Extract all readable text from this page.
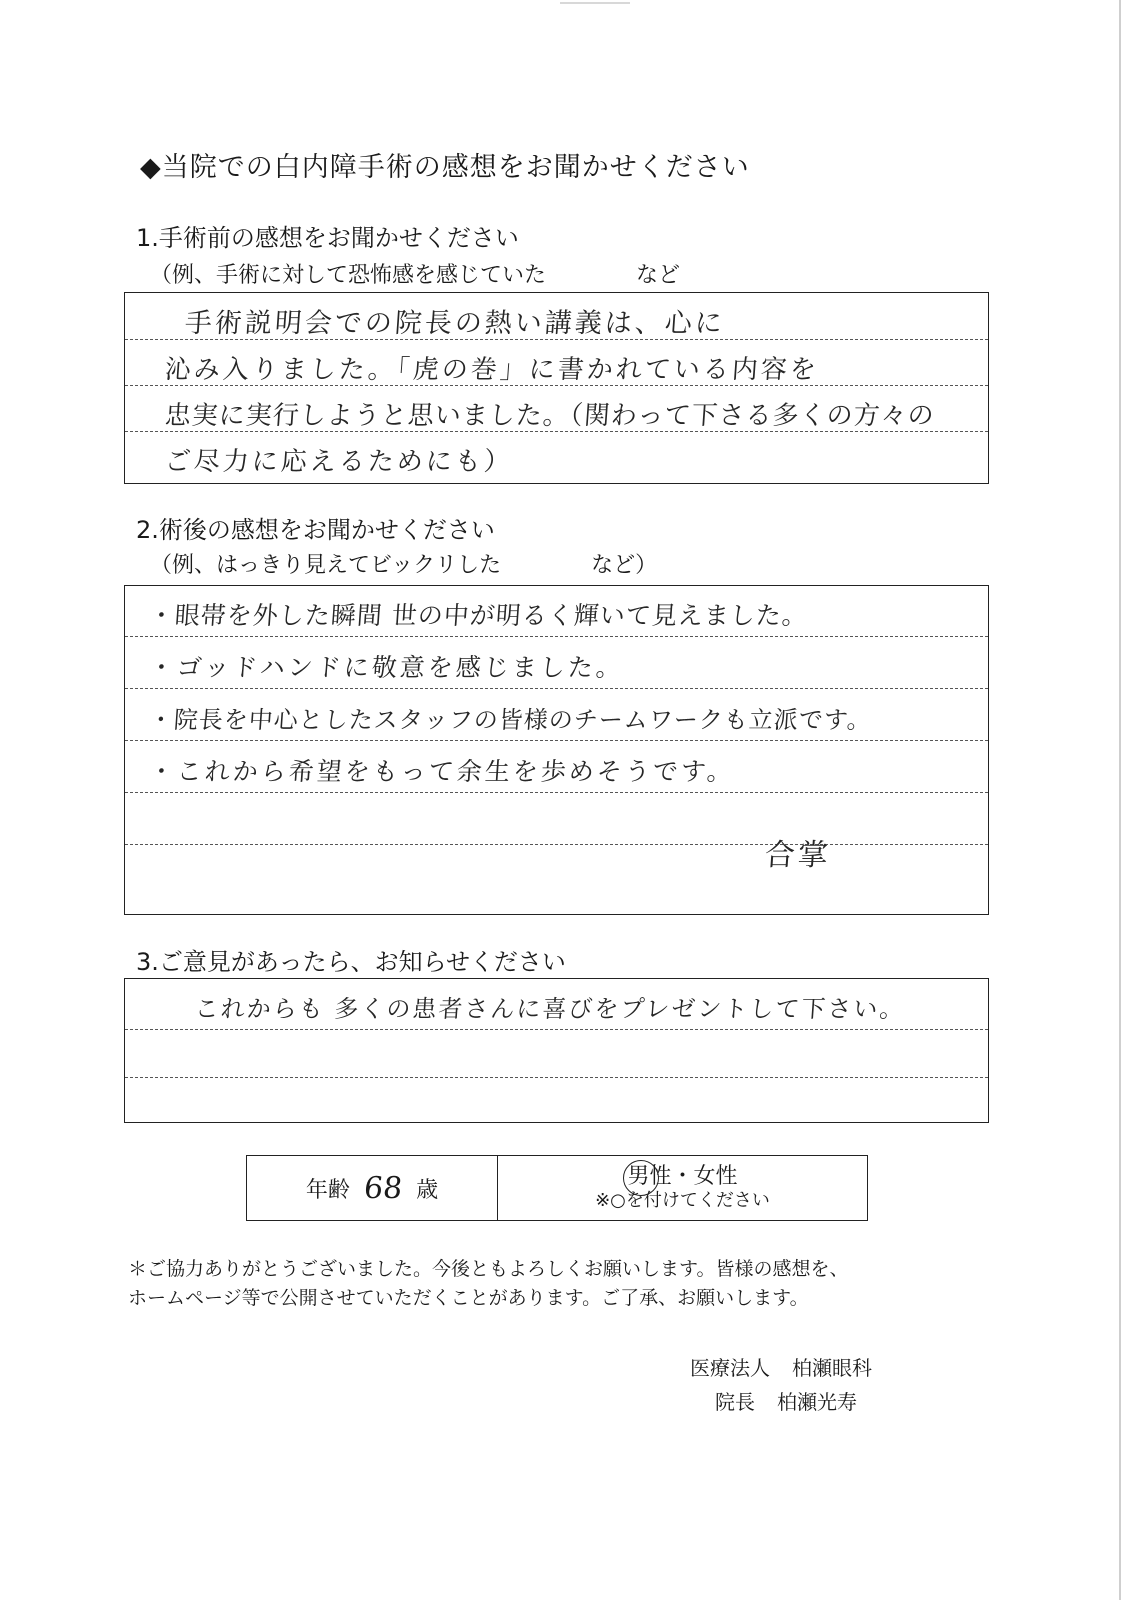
◆当院での白内障手術の感想をお聞かせください
1.手術前の感想をお聞かせください
（例、手術に対して恐怖感を感じていた	など
手術説明会での院長の熱い講義は、心に
沁み入りました。「虎の巻」に書かれている内容を
忠実に実行しようと思いました。（関わって下さる多くの方々の
ご尽力に応えるためにも）
2.術後の感想をお聞かせください
（例、はっきり見えてビックリした	など）
・眼帯を外した瞬間 世の中が明るく輝いて見えました。
・ゴッドハンドに敬意を感じました。
・院長を中心としたスタッフの皆様のチームワークも立派です。
・これから希望をもって余生を歩めそうです。
合掌
3.ご意見があったら、お知らせください
これからも 多くの患者さんに喜びをプレゼントして下さい。
年齢 68 歳
男性・女性
※○を付けてください

＊ご協力ありがとうございました。今後ともよろしくお願いします。皆様の感想を、
ホームページ等で公開させていただくことがあります。ご了承、お願いします。

医療法人 柏瀬眼科
院長 柏瀬光寿
